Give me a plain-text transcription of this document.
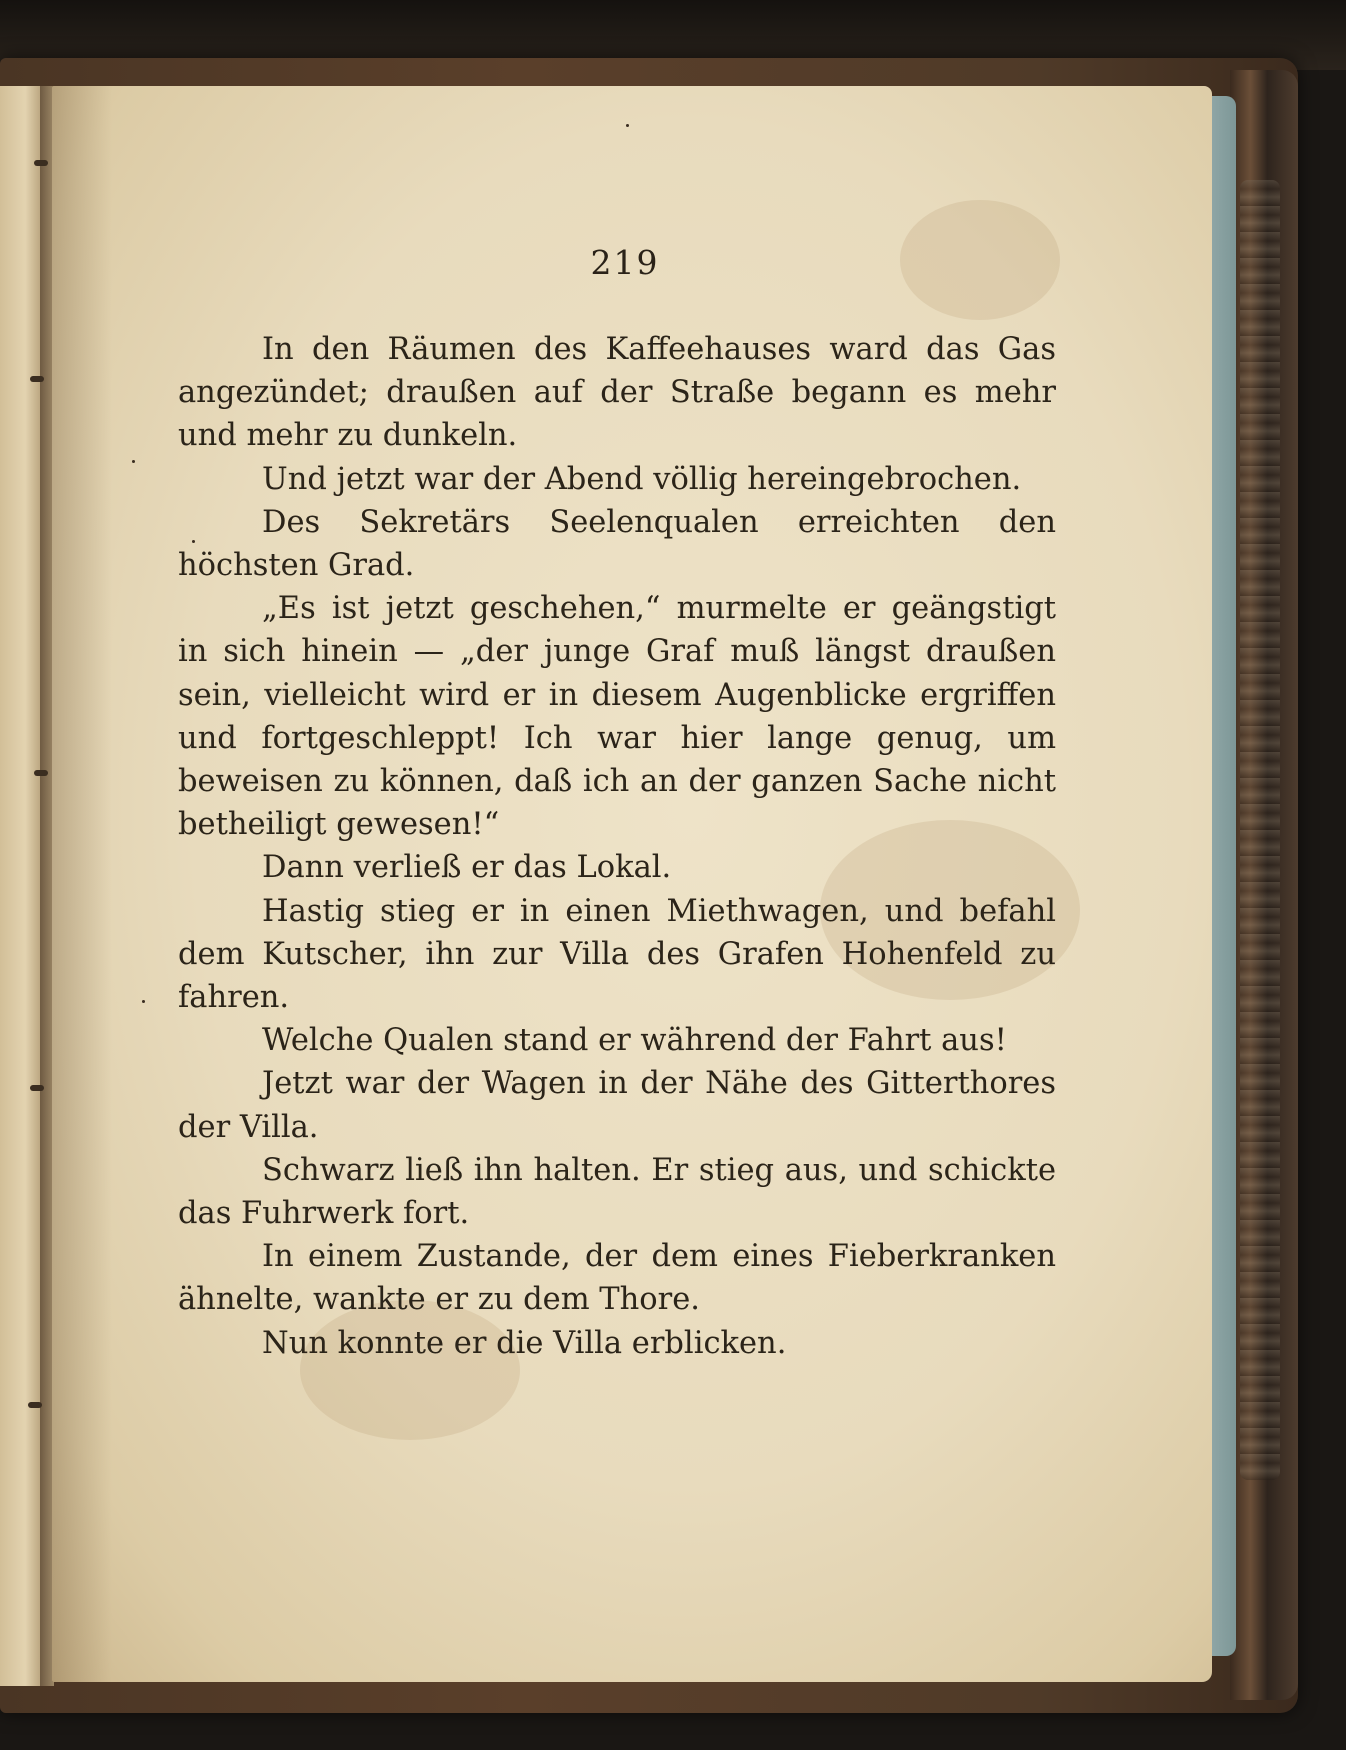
219

In den Räumen des Kaffeehauses ward das Gas angezündet; draußen auf der Straße begann es mehr und mehr zu dunkeln.

Und jetzt war der Abend völlig hereingebrochen.

Des Sekretärs Seelenqualen erreichten den höchsten Grad.

„Es ist jetzt geschehen,“ murmelte er geängstigt in sich hinein — „der junge Graf muß längst draußen sein, vielleicht wird er in diesem Augenblicke ergriffen und fortgeschleppt! Ich war hier lange genug, um beweisen zu können, daß ich an der ganzen Sache nicht betheiligt gewesen!“

Dann verließ er das Lokal.

Hastig stieg er in einen Miethwagen, und befahl dem Kutscher, ihn zur Villa des Grafen Hohenfeld zu fahren.

Welche Qualen stand er während der Fahrt aus!

Jetzt war der Wagen in der Nähe des Gitterthores der Villa.

Schwarz ließ ihn halten. Er stieg aus, und schickte das Fuhrwerk fort.

In einem Zustande, der dem eines Fieberkranken ähnelte, wankte er zu dem Thore.

Nun konnte er die Villa erblicken.
